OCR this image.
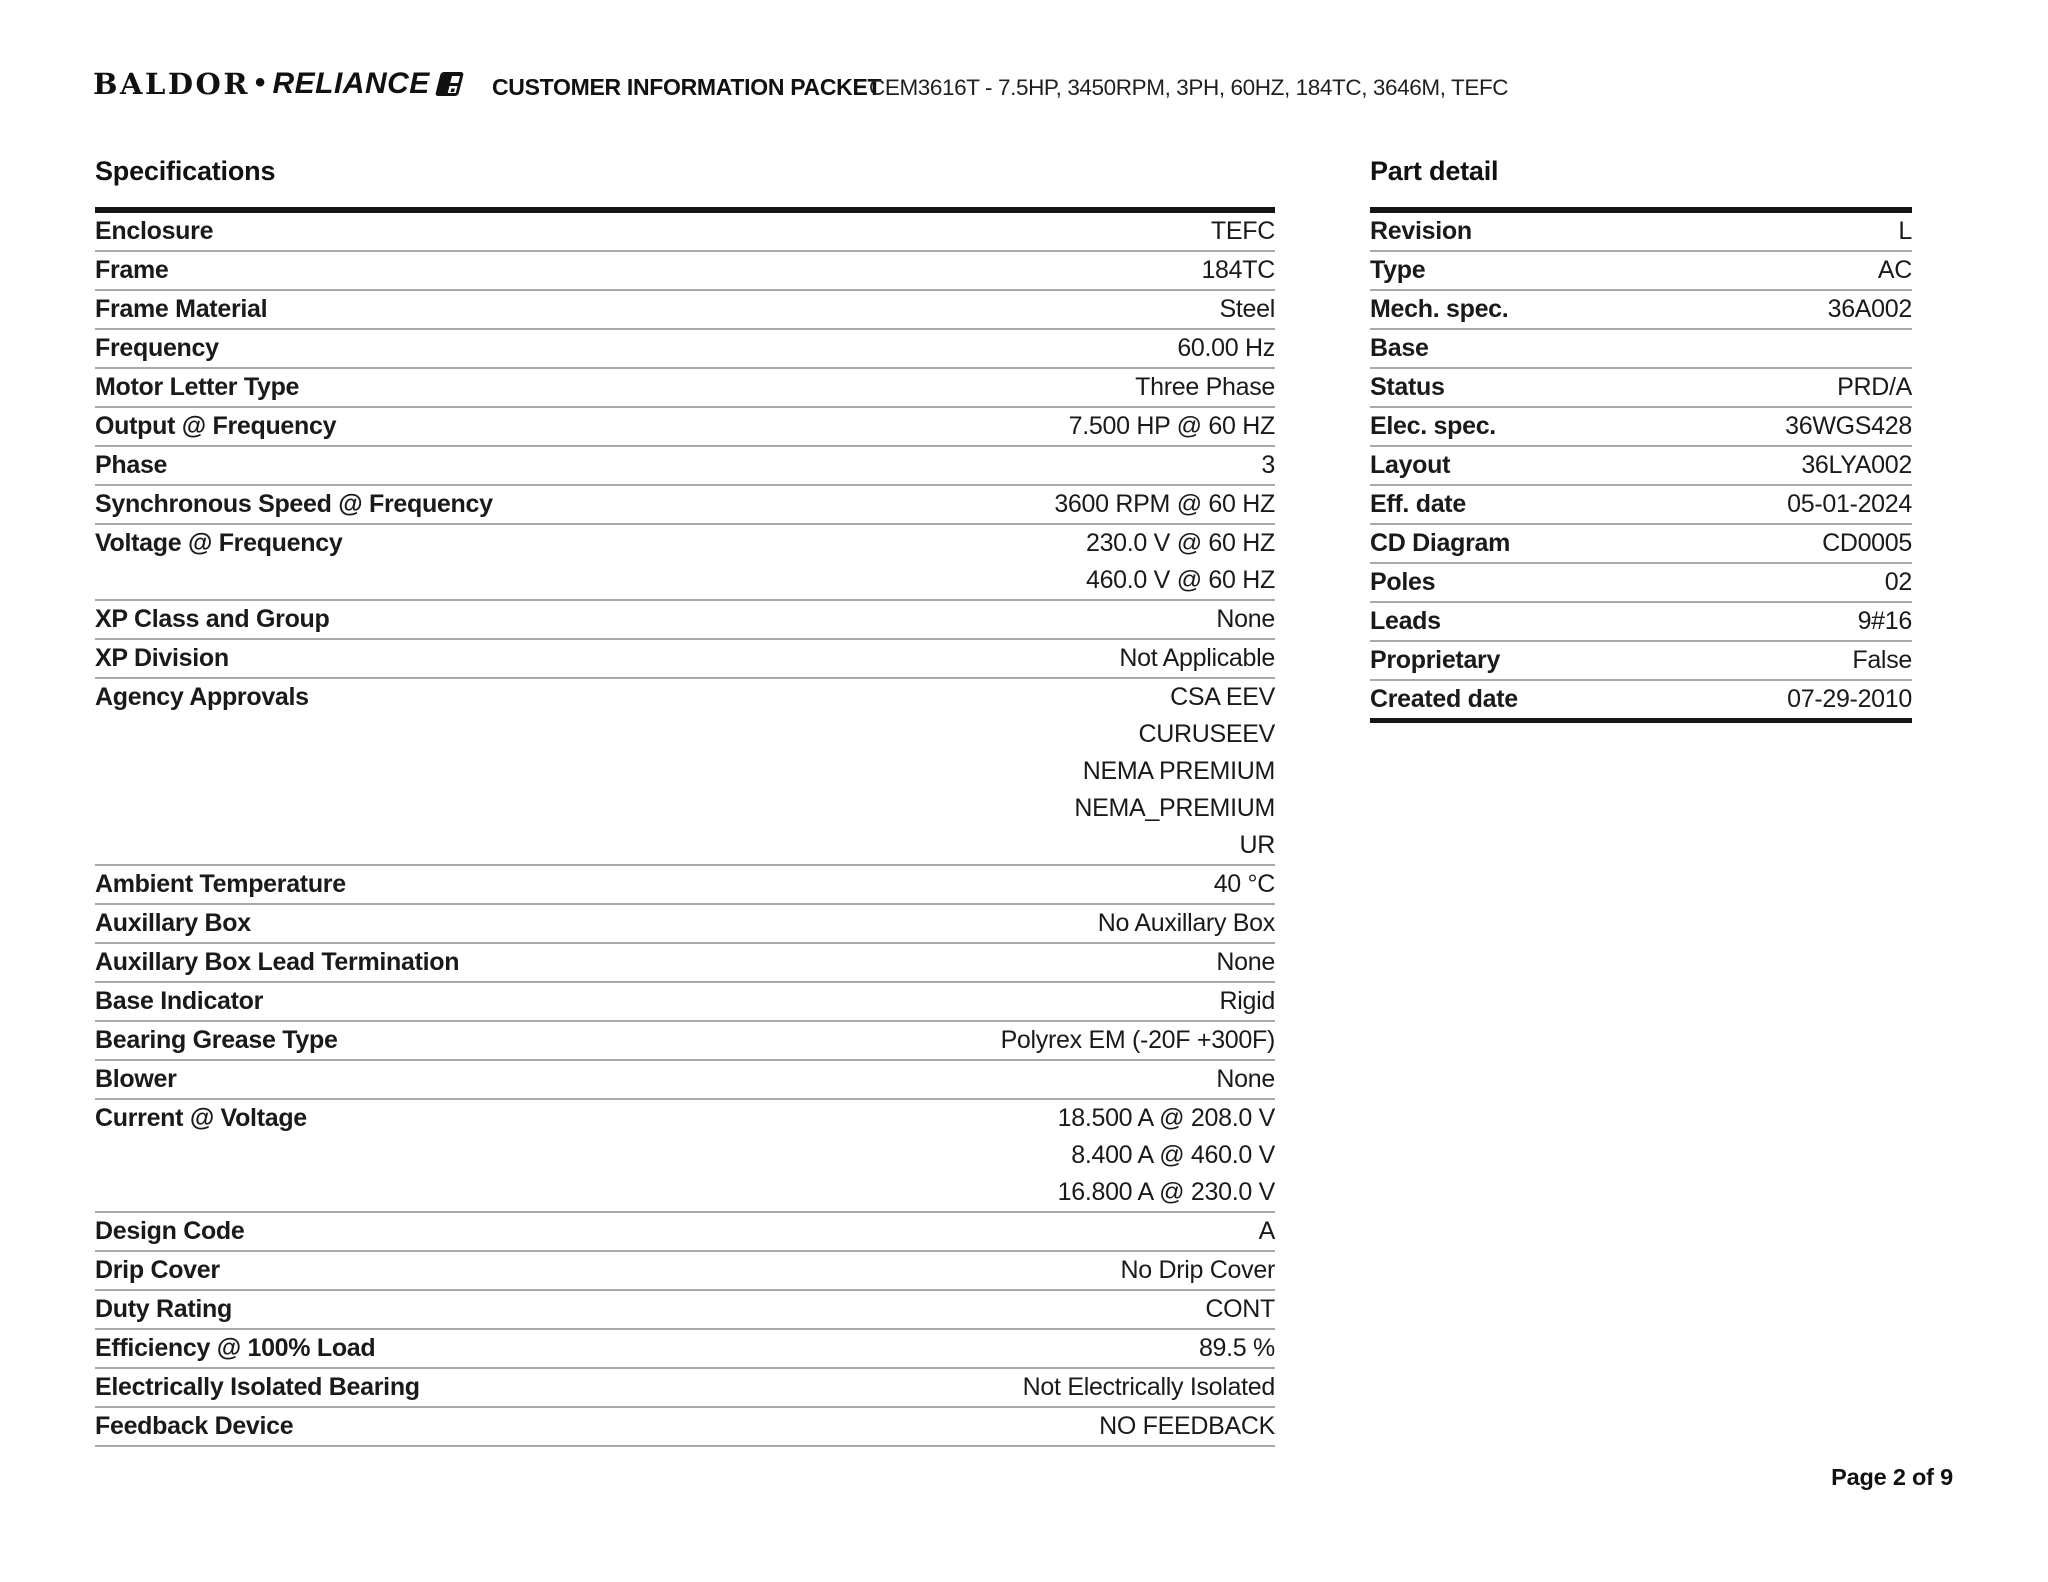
BALDOR • RELIANCE	CUSTOMER INFORMATION PACKET
CEM3616T - 7.5HP, 3450RPM, 3PH, 60HZ, 184TC, 3646M, TEFC
Specifications
Enclosure	TEFC
Frame	184TC
Frame Material	Steel
Frequency	60.00 Hz
Motor Letter Type	Three Phase
Output @ Frequency	7.500 HP @ 60 HZ
Phase	3
Synchronous Speed @ Frequency	3600 RPM @ 60 HZ
Voltage @ Frequency	230.0 V @ 60 HZ
460.0 V @ 60 HZ
XP Class and Group	None
XP Division	Not Applicable
Agency Approvals	CSA EEV
CURUSEEV
NEMA PREMIUM
NEMA_PREMIUM
UR
Ambient Temperature	40 °C
Auxillary Box	No Auxillary Box
Auxillary Box Lead Termination	None
Base Indicator	Rigid
Bearing Grease Type	Polyrex EM (-20F +300F)
Blower	None
Current @ Voltage	18.500 A @ 208.0 V
8.400 A @ 460.0 V
16.800 A @ 230.0 V
Design Code	A
Drip Cover	No Drip Cover
Duty Rating	CONT
Efficiency @ 100% Load	89.5 %
Electrically Isolated Bearing	Not Electrically Isolated
Feedback Device	NO FEEDBACK
Part detail
Revision	L
Type	AC
Mech. spec.	36A002
Base
Status	PRD/A
Elec. spec.	36WGS428
Layout	36LYA002
Eff. date	05-01-2024
CD Diagram	CD0005
Poles	02
Leads	9#16
Proprietary	False
Created date	07-29-2010
Page 2 of 9
